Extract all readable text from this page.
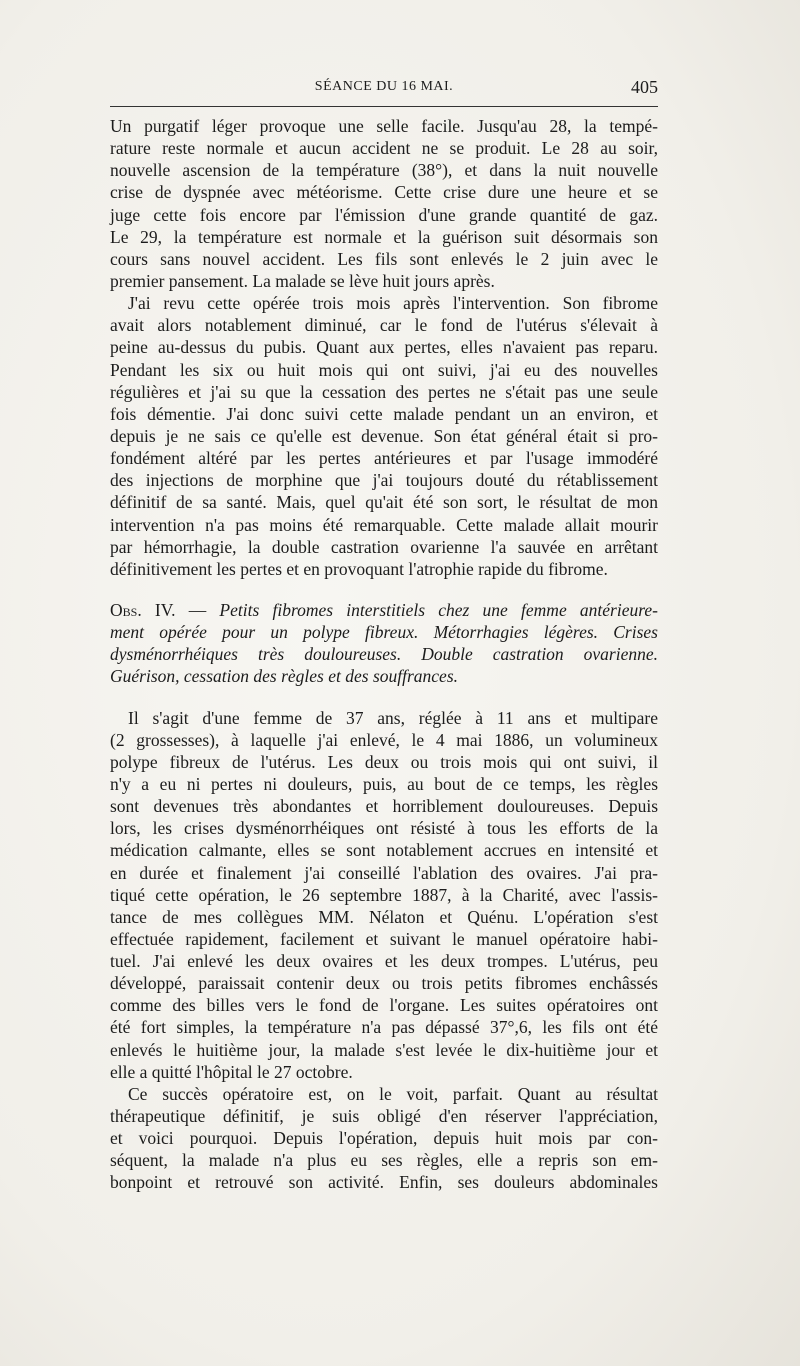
SÉANCE DU 16 MAI.	405
Un purgatif léger provoque une selle facile. Jusqu'au 28, la tempé-
rature reste normale et aucun accident ne se produit. Le 28 au soir,
nouvelle ascension de la température (38°), et dans la nuit nouvelle
crise de dyspnée avec météorisme. Cette crise dure une heure et se
juge cette fois encore par l'émission d'une grande quantité de gaz.
Le 29, la température est normale et la guérison suit désormais son
cours sans nouvel accident. Les fils sont enlevés le 2 juin avec le
premier pansement. La malade se lève huit jours après.
J'ai revu cette opérée trois mois après l'intervention. Son fibrome
avait alors notablement diminué, car le fond de l'utérus s'élevait à
peine au-dessus du pubis. Quant aux pertes, elles n'avaient pas reparu.
Pendant les six ou huit mois qui ont suivi, j'ai eu des nouvelles
régulières et j'ai su que la cessation des pertes ne s'était pas une seule
fois démentie. J'ai donc suivi cette malade pendant un an environ, et
depuis je ne sais ce qu'elle est devenue. Son état général était si pro-
fondément altéré par les pertes antérieures et par l'usage immodéré
des injections de morphine que j'ai toujours douté du rétablissement
définitif de sa santé. Mais, quel qu'ait été son sort, le résultat de mon
intervention n'a pas moins été remarquable. Cette malade allait mourir
par hémorrhagie, la double castration ovarienne l'a sauvée en arrêtant
définitivement les pertes et en provoquant l'atrophie rapide du fibrome.
Obs. IV. — Petits fibromes interstitiels chez une femme antérieure-
ment opérée pour un polype fibreux. Métorrhagies légères. Crises
dysménorrhéiques très douloureuses. Double castration ovarienne.
Guérison, cessation des règles et des souffrances.
Il s'agit d'une femme de 37 ans, réglée à 11 ans et multipare
(2 grossesses), à laquelle j'ai enlevé, le 4 mai 1886, un volumineux
polype fibreux de l'utérus. Les deux ou trois mois qui ont suivi, il
n'y a eu ni pertes ni douleurs, puis, au bout de ce temps, les règles
sont devenues très abondantes et horriblement douloureuses. Depuis
lors, les crises dysménorrhéiques ont résisté à tous les efforts de la
médication calmante, elles se sont notablement accrues en intensité et
en durée et finalement j'ai conseillé l'ablation des ovaires. J'ai pra-
tiqué cette opération, le 26 septembre 1887, à la Charité, avec l'assis-
tance de mes collègues MM. Nélaton et Quénu. L'opération s'est
effectuée rapidement, facilement et suivant le manuel opératoire habi-
tuel. J'ai enlevé les deux ovaires et les deux trompes. L'utérus, peu
développé, paraissait contenir deux ou trois petits fibromes enchâssés
comme des billes vers le fond de l'organe. Les suites opératoires ont
été fort simples, la température n'a pas dépassé 37°,6, les fils ont été
enlevés le huitième jour, la malade s'est levée le dix-huitième jour et
elle a quitté l'hôpital le 27 octobre.
Ce succès opératoire est, on le voit, parfait. Quant au résultat
thérapeutique définitif, je suis obligé d'en réserver l'appréciation,
et voici pourquoi. Depuis l'opération, depuis huit mois par con-
séquent, la malade n'a plus eu ses règles, elle a repris son em-
bonpoint et retrouvé son activité. Enfin, ses douleurs abdominales
